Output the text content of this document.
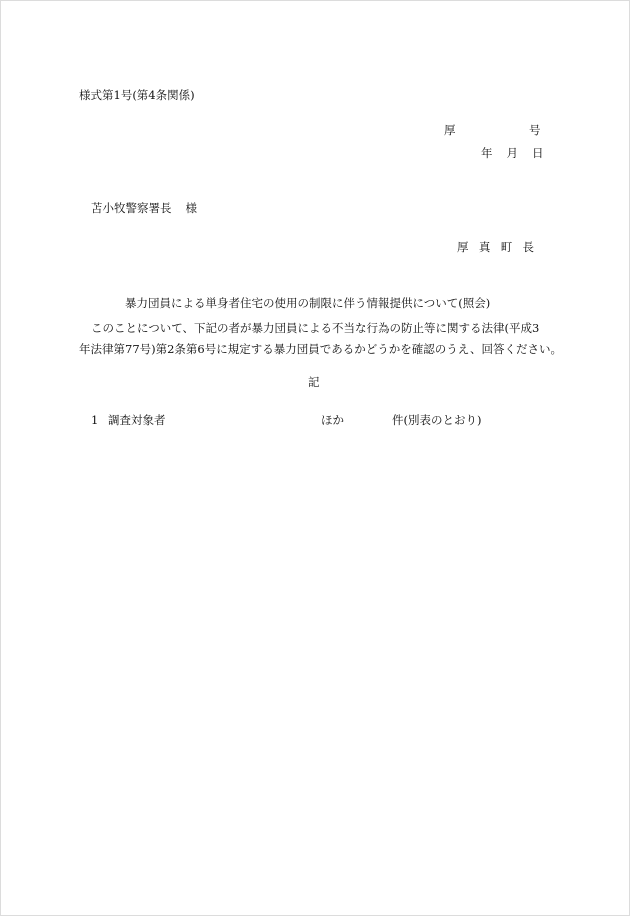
様式第1号(第4条関係)
厚	号
年 月 日
苫小牧警察署長 様
厚真町長
暴力団員による単身者住宅の使用の制限に伴う情報提供について(照会)
このことについて、下記の者が暴力団員による不当な行為の防止等に関する法律(平成3
年法律第77号)第2条第6号に規定する暴力団員であるかどうかを確認のうえ、回答ください。
記
1 調査対象者	ほか	件(別表のとおり)
